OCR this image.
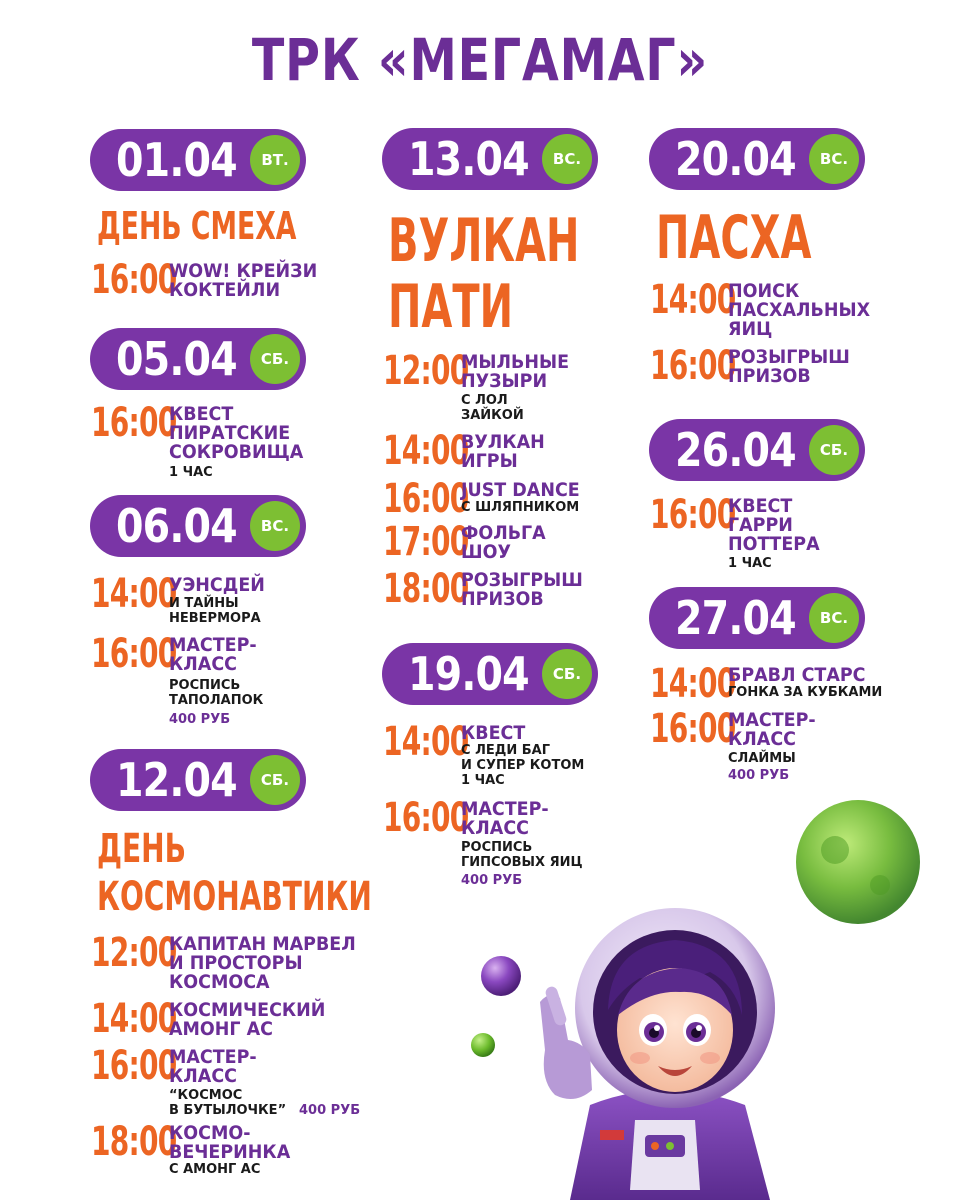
ТРК «МЕГАМАГ»
01.04	ВТ.
ДЕНЬ СМЕХА
16:00
WOW! КРЕЙЗИ
КОКТЕЙЛИ
05.04	СБ.
16:00
КВЕСТ
ПИРАТСКИЕ
СОКРОВИЩА
1 ЧАС
06.04	ВС.
14:00
УЭНСДЕЙ
И ТАЙНЫ
НЕВЕРМОРА
16:00
МАСТЕР-
КЛАСС
РОСПИСЬ
ТАПОЛАПОК
400 РУБ
12.04	СБ.
ДЕНЬ
КОСМОНАВТИКИ
12:00
КАПИТАН МАРВЕЛ
И ПРОСТОРЫ
КОСМОСА
14:00
КОСМИЧЕСКИЙ
АМОНГ АС
16:00
МАСТЕР-
КЛАСС
“КОСМОС
В БУТЫЛОЧКЕ” 400 РУБ
18:00
КОСМО-
ВЕЧЕРИНКА
С АМОНГ АС
13.04	ВС.
ВУЛКАН
ПАТИ
12:00
МЫЛЬНЫЕ
ПУЗЫРИ
С ЛОЛ
ЗАЙКОЙ
14:00
ВУЛКАН
ИГРЫ
16:00
JUST DANCE
С ШЛЯПНИКОМ
17:00
ФОЛЬГА
ШОУ
18:00
РОЗЫГРЫШ
ПРИЗОВ
19.04	СБ.
14:00
КВЕСТ
С ЛЕДИ БАГ
И СУПЕР КОТОМ
1 ЧАС
16:00
МАСТЕР-
КЛАСС
РОСПИСЬ
ГИПСОВЫХ ЯИЦ
400 РУБ
20.04	ВС.
ПАСХА
14:00
ПОИСК
ПАСХАЛЬНЫХ
ЯИЦ
16:00
РОЗЫГРЫШ
ПРИЗОВ
26.04	СБ.
16:00
КВЕСТ
ГАРРИ
ПОТТЕРА
1 ЧАС
27.04	ВС.
14:00
БРАВЛ СТАРС
ГОНКА ЗА КУБКАМИ
16:00
МАСТЕР-
КЛАСС
СЛАЙМЫ
400 РУБ
